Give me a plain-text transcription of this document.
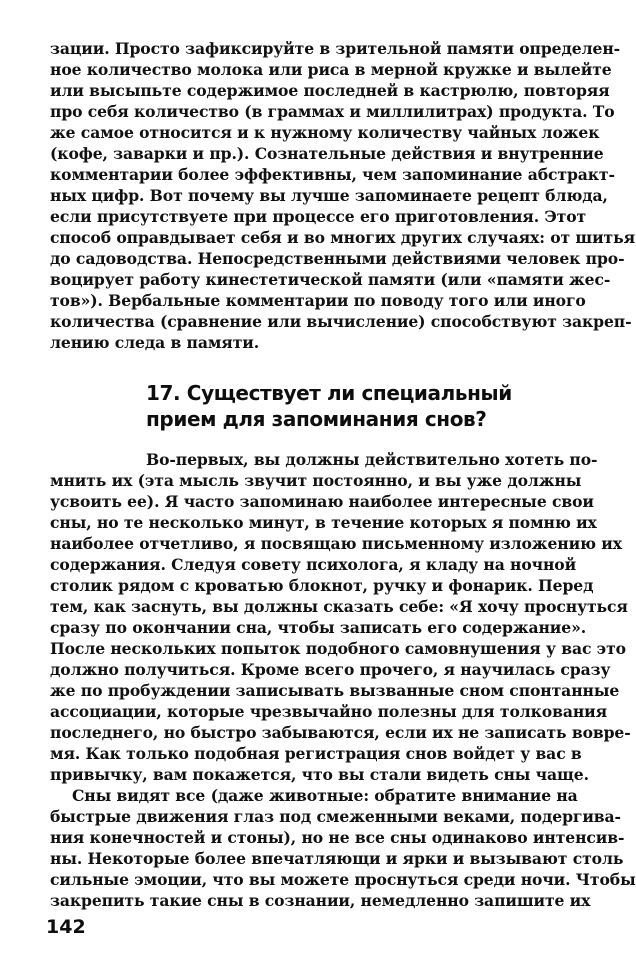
зации. Просто зафиксируйте в зрительной памяти определен-
ное количество молока или риса в мерной кружке и вылейте
или высыпьте содержимое последней в кастрюлю, повторяя
про себя количество (в граммах и миллилитрах) продукта. То
же самое относится и к нужному количеству чайных ложек
(кофе, заварки и пр.). Сознательные действия и внутренние
комментарии более эффективны, чем запоминание абстракт-
ных цифр. Вот почему вы лучше запоминаете рецепт блюда,
если присутствуете при процессе его приготовления. Этот
способ оправдывает себя и во многих других случаях: от шитья
до садоводства. Непосредственными действиями человек про-
воцирует работу кинестетической памяти (или «памяти жес-
тов»). Вербальные комментарии по поводу того или иного
количества (сравнение или вычисление) способствуют закреп-
лению следа в памяти.
17. Существует ли специальный
прием для запоминания снов?
Во-первых, вы должны действительно хотеть по-
мнить их (эта мысль звучит постоянно, и вы уже должны
усвоить ее). Я часто запоминаю наиболее интересные свои
сны, но те несколько минут, в течение которых я помню их
наиболее отчетливо, я посвящаю письменному изложению их
содержания. Следуя совету психолога, я кладу на ночной
столик рядом с кроватью блокнот, ручку и фонарик. Перед
тем, как заснуть, вы должны сказать себе: «Я хочу проснуться
сразу по окончании сна, чтобы записать его содержание».
После нескольких попыток подобного самовнушения у вас это
должно получиться. Кроме всего прочего, я научилась сразу
же по пробуждении записывать вызванные сном спонтанные
ассоциации, которые чрезвычайно полезны для толкования
последнего, но быстро забываются, если их не записать вовре-
мя. Как только подобная регистрация снов войдет у вас в
привычку, вам покажется, что вы стали видеть сны чаще.
Сны видят все (даже животные: обратите внимание на
быстрые движения глаз под смеженными веками, подергива-
ния конечностей и стоны), но не все сны одинаково интенсив-
ны. Некоторые более впечатляющи и ярки и вызывают столь
сильные эмоции, что вы можете проснуться среди ночи. Чтобы
закрепить такие сны в сознании, немедленно запишите их
142
